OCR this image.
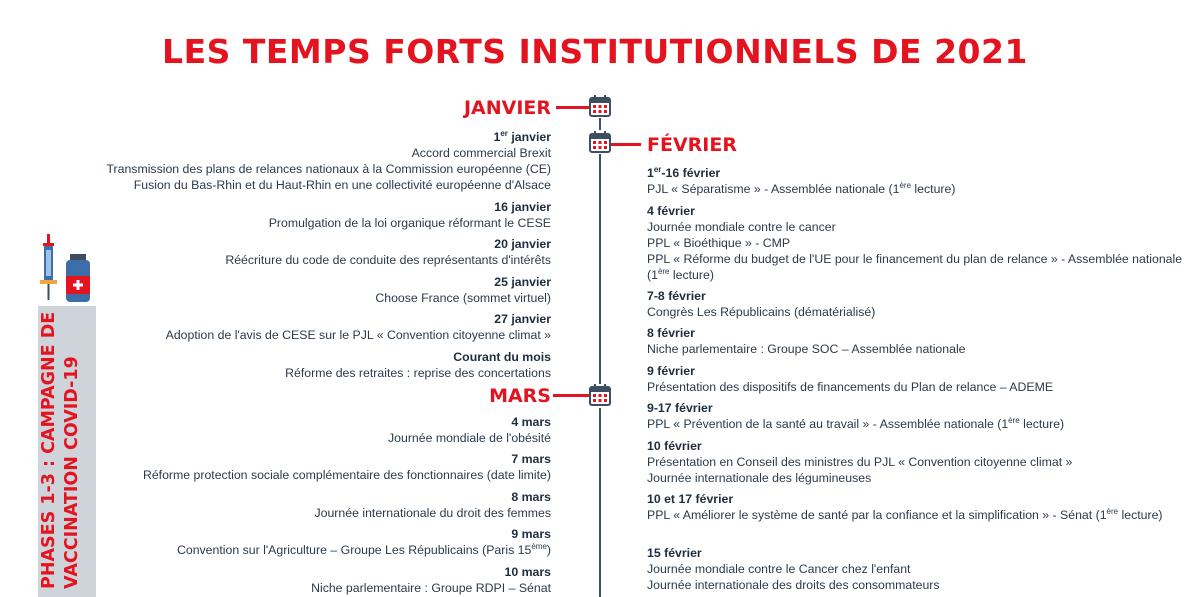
LES TEMPS FORTS INSTITUTIONNELS DE 2021
JANVIER
FÉVRIER
MARS
1er janvier
Accord commercial Brexit
Transmission des plans de relances nationaux à la Commission européenne (CE)
Fusion du Bas-Rhin et du Haut-Rhin en une collectivité européenne d'Alsace
16 janvier
Promulgation de la loi organique réformant le CESE
20 janvier
Réécriture du code de conduite des représentants d'intérêts
25 janvier
Choose France (sommet virtuel)
27 janvier
Adoption de l'avis de CESE sur le PJL « Convention citoyenne climat »
Courant du mois
Réforme des retraites : reprise des concertations
4 mars
Journée mondiale de l'obésité
7 mars
Réforme protection sociale complémentaire des fonctionnaires (date limite)
8 mars
Journée internationale du droit des femmes
9 mars
Convention sur l'Agriculture – Groupe Les Républicains (Paris 15ème)
10 mars
Niche parlementaire : Groupe RDPI – Sénat
1er-16 février
PJL « Séparatisme » - Assemblée nationale (1ère lecture)
4 février
Journée mondiale contre le cancer
PPL « Bioéthique » - CMP
PPL « Réforme du budget de l'UE pour le financement du plan de relance » - Assemblée nationale (1ère lecture)
7-8 février
Congrès Les Républicains (dématérialisé)
8 février
Niche parlementaire : Groupe SOC – Assemblée nationale
9 février
Présentation des dispositifs de financements du Plan de relance – ADEME
9-17 février
PPL « Prévention de la santé au travail » - Assemblée nationale (1ère lecture)
10 février
Présentation en Conseil des ministres du PJL « Convention citoyenne climat »
Journée internationale des légumineuses
10 et 17 février
PPL « Améliorer le système de santé par la confiance et la simplification » - Sénat (1ère lecture)
15 février
Journée mondiale contre le Cancer chez l'enfant
Journée internationale des droits des consommateurs
PHASES 1-3 : CAMPAGNE DE VACCINATION COVID-19
